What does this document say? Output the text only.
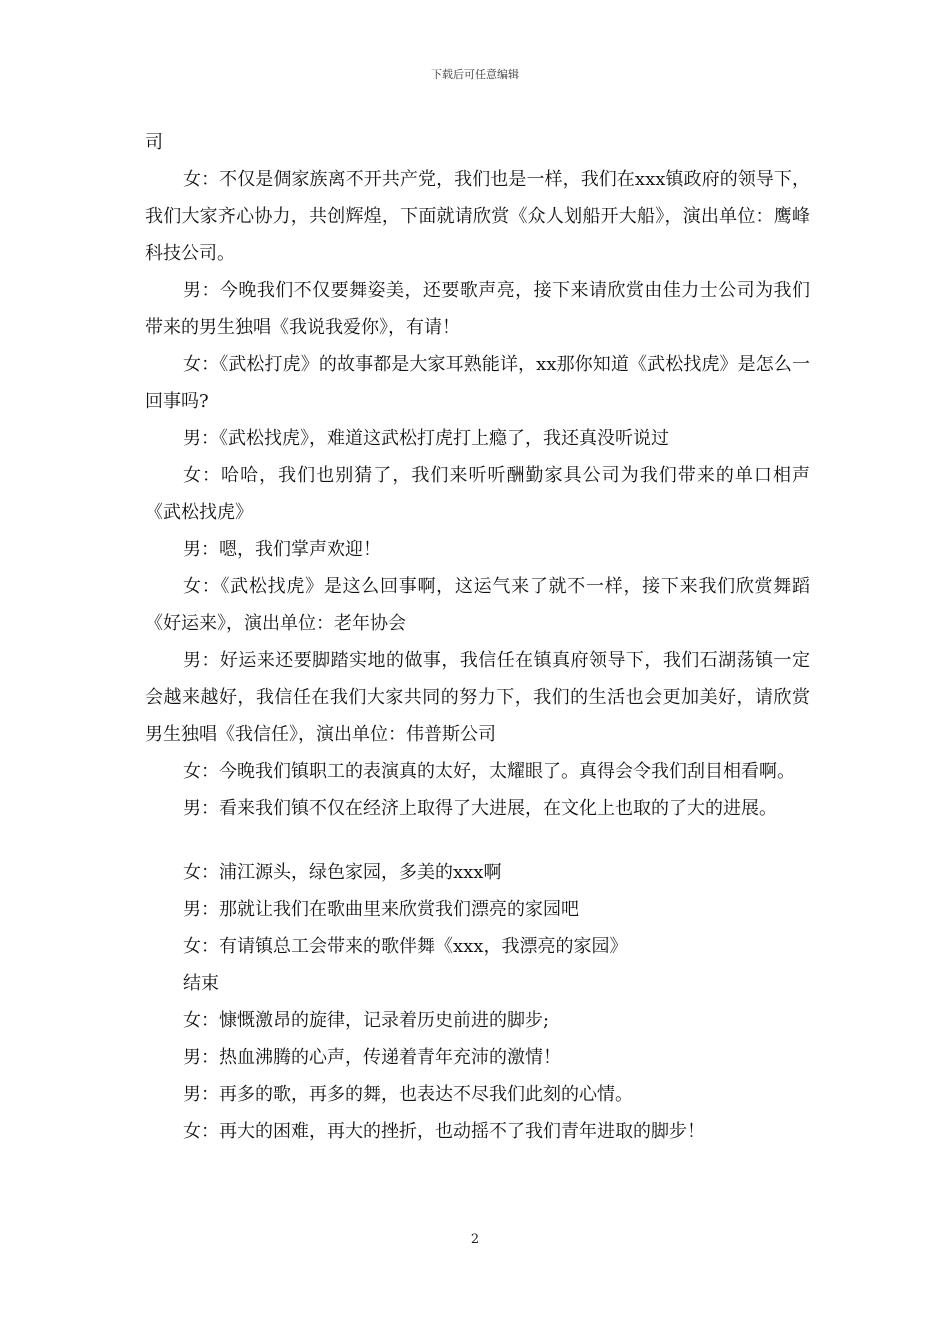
下载后可任意编辑

司

女：不仅是倜家族离不开共产党，我们也是一样，我们在xxx镇政府的领导下，我们大家齐心协力，共创辉煌，下面就请欣赏《众人划船开大船》，演出单位：鹰峰科技公司。

男：今晚我们不仅要舞姿美，还要歌声亮，接下来请欣赏由佳力士公司为我们带来的男生独唱《我说我爱你》，有请！

女：《武松打虎》的故事都是大家耳熟能详，xx那你知道《武松找虎》是怎么一回事吗?

男：《武松找虎》，难道这武松打虎打上瘾了，我还真没听说过

女：哈哈，我们也别猜了，我们来听听酬勤家具公司为我们带来的单口相声《武松找虎》

男：嗯，我们掌声欢迎！

女：《武松找虎》是这么回事啊，这运气来了就不一样，接下来我们欣赏舞蹈《好运来》，演出单位：老年协会

男：好运来还要脚踏实地的做事，我信任在镇真府领导下，我们石湖荡镇一定会越来越好，我信任在我们大家共同的努力下，我们的生活也会更加美好，请欣赏男生独唱《我信任》，演出单位：伟普斯公司

女：今晚我们镇职工的表演真的太好，太耀眼了。真得会令我们刮目相看啊。

男：看来我们镇不仅在经济上取得了大进展，在文化上也取的了大的进展。

女：浦江源头，绿色家园，多美的xxx啊

男：那就让我们在歌曲里来欣赏我们漂亮的家园吧

女：有请镇总工会带来的歌伴舞《xxx，我漂亮的家园》

结束

女：慷慨激昂的旋律，记录着历史前进的脚步;

男：热血沸腾的心声，传递着青年充沛的激情！

男：再多的歌，再多的舞，也表达不尽我们此刻的心情。

女：再大的困难，再大的挫折，也动摇不了我们青年进取的脚步！

2
